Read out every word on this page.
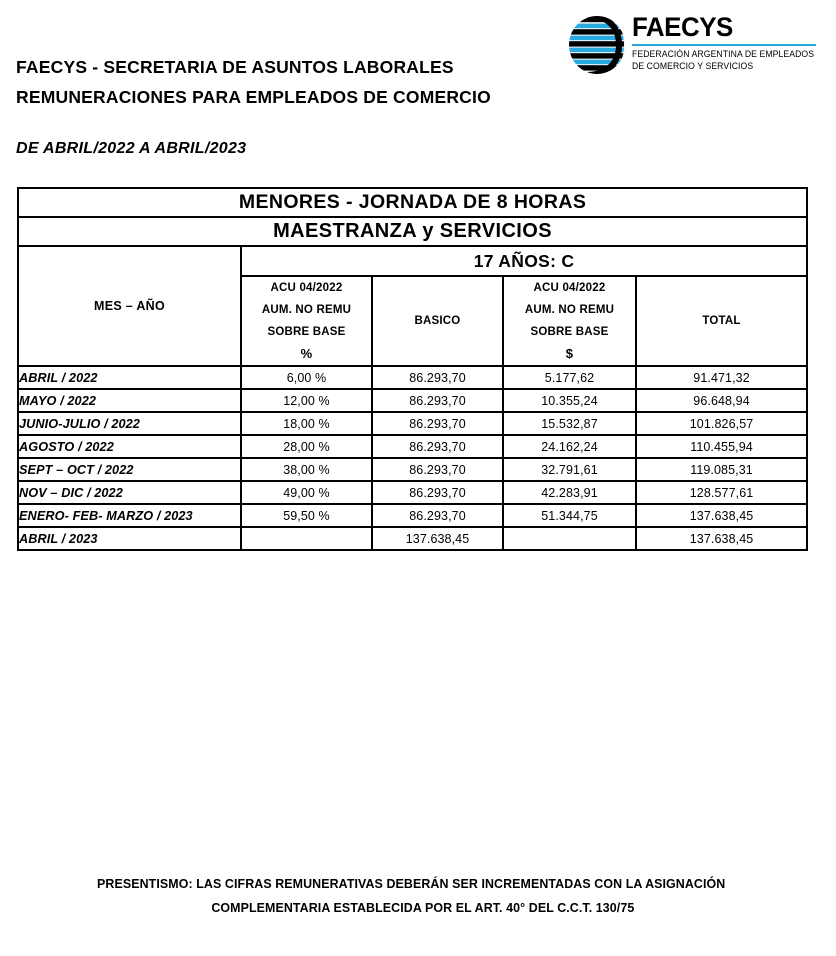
FAECYS - SECRETARIA DE ASUNTOS LABORALES
REMUNERACIONES PARA EMPLEADOS DE COMERCIO
DE ABRIL/2022 A ABRIL/2023
FAECYS
FEDERACIÓN ARGENTINA DE EMPLEADOS
DE COMERCIO Y SERVICIOS
MENORES - JORNADA DE 8 HORAS				
MAESTRANZA y SERVICIOS				
MES – AÑO	17 AÑOS: C			

ACU 04/2022
AUM. NO REMU
SOBRE BASE
%

BASICO

ACU 04/2022
AUM. NO REMU
SOBRE BASE
$

TOTAL

ABRIL / 2022	6,00 %	86.293,70	5.177,62	91.471,32
MAYO / 2022	12,00 %	86.293,70	10.355,24	96.648,94
JUNIO-JULIO / 2022	18,00 %	86.293,70	15.532,87	101.826,57
AGOSTO / 2022	28,00 %	86.293,70	24.162,24	110.455,94
SEPT – OCT / 2022	38,00 %	86.293,70	32.791,61	119.085,31
NOV – DIC / 2022	49,00 %	86.293,70	42.283,91	128.577,61
ENERO- FEB- MARZO / 2023	59,50 %	86.293,70	51.344,75	137.638,45
ABRIL / 2023		137.638,45		137.638,45
PRESENTISMO: LAS CIFRAS REMUNERATIVAS DEBERÁN SER INCREMENTADAS CON LA ASIGNACIÓN
COMPLEMENTARIA ESTABLECIDA POR EL ART. 40° DEL C.C.T. 130/75
